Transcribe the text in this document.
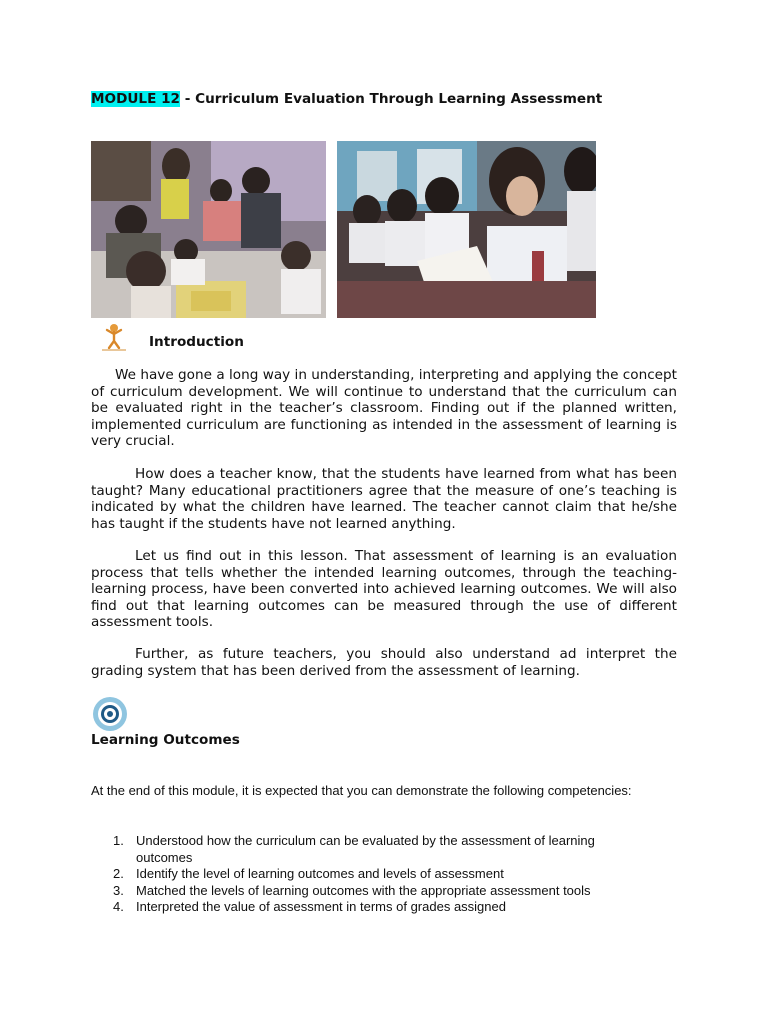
MODULE 12 - Curriculum Evaluation Through Learning Assessment
Introduction

We have gone a long way in understanding, interpreting and applying the concept of curriculum development. We will continue to understand that the curriculum can be evaluated right in the teacher’s classroom. Finding out if the planned written, implemented curriculum are functioning as intended in the assessment of learning is very crucial.

How does a teacher know, that the students have learned from what has been taught? Many educational practitioners agree that the measure of one’s teaching is indicated by what the children have learned. The teacher cannot claim that he/she has taught if the students have not learned anything.

Let us find out in this lesson. That assessment of learning is an evaluation process that tells whether the intended learning outcomes, through the teaching-learning process, have been converted into achieved learning outcomes. We will also find out that learning outcomes can be measured through the use of different assessment tools.

Further, as future teachers, you should also understand ad interpret the grading system that has been derived from the assessment of learning.

Learning Outcomes
At the end of this module, it is expected that you can demonstrate the following competencies:
1. Understood how the curriculum can be evaluated by the assessment of learning outcomes
2. Identify the level of learning outcomes and levels of assessment
3. Matched the levels of learning outcomes with the appropriate assessment tools
4. Interpreted the value of assessment in terms of grades assigned
